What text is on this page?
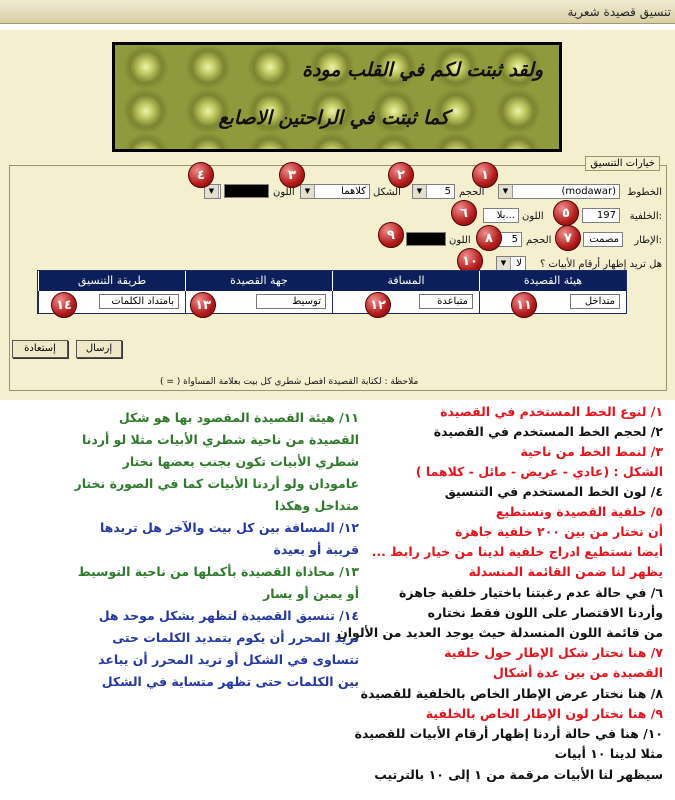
تنسيق قصيدة شعرية
ولقد ثبتت لكم في القلب مودة
كما ثبتت في الراحتين الاصابع
خيارات التنسيق
الخطوط
▼	(modawar)
الحجم
▼	5
الشكل
▼	كلاهما
اللون
▼
الخلفية:
197
اللون
بلا...
الإطار:
مصمت
الحجم
5
اللون
هل تريد إظهار أرقام الأبيات ؟
▼	لا
١
٢
٣
٤
٥
٦
٧
٨
٩
١٠
طريقة التنسيق	جهة القصيدة	المسافة	هيئة القصيدة
بامتداد الكلمات	توسيط	متباعدة	متداخل
١٤	١٣	١٢	١١
إستعادة	إرسال
ملاحظة : لكتابة القصيدة افصل شطري كل بيت بعلامة المساواة ( = )
١/ لنوع الخط المستخدم في القصيدة
٢/ لحجم الخط المستخدم في القصيدة
٣/ لنمط الخط من ناحية
الشكل : (عادي - عريض - مائل - كلاهما )
٤/ لون الخط المستخدم في التنسيق
٥/ خلفية القصيدة ونستطيع
أن نختار من بين ٢٠٠ خلفية جاهزة
أيضا نستطيع ادراج خلفية لدينا من خيار رابط ...
يظهر لنا ضمن القائمة المنسدلة
٦/ في حالة عدم رغبتنا باختيار خلفية جاهزة
وأردنا الاقتصار على اللون فقط نختاره
من قائمة اللون المنسدلة حيث يوجد العديد من الألوان
٧/ هنا نختار شكل الإطار حول خلفية
القصيدة من بين عدة أشكال
٨/ هنا نختار عرض الإطار الخاص بالخلفية للقصيدة
٩/ هنا نختار لون الإطار الخاص بالخلفية
١٠/ هنا في حالة أردنا إظهار أرقام الأبيات للقصيدة
مثلا لدينا ١٠ أبيات
سيظهر لنا الأبيات مرقمة من ١ إلى ١٠ بالترتيب
١١/ هيئة القصيدة المقصود بها هو شكل
القصيدة من ناحية شطري الأبيات مثلا لو أردنا
شطري الأبيات تكون بجنب بعضها نختار
عامودان ولو أردنا الأبيات كما في الصورة نختار
متداخل وهكذا
١٢/ المسافة بين كل بيت والآخر هل تريدها
قريبة أو بعيدة
١٣/ محاذاة القصيدة بأكملها من ناحية التوسيط
أو يمين أو يسار
١٤/ تنسيق القصيدة لتظهر بشكل موحد هل
تريد المحرر أن يكوم بتمديد الكلمات حتى
تتساوى في الشكل أو تريد المحرر أن يباعد
بين الكلمات حتى تظهر متساية في الشكل
